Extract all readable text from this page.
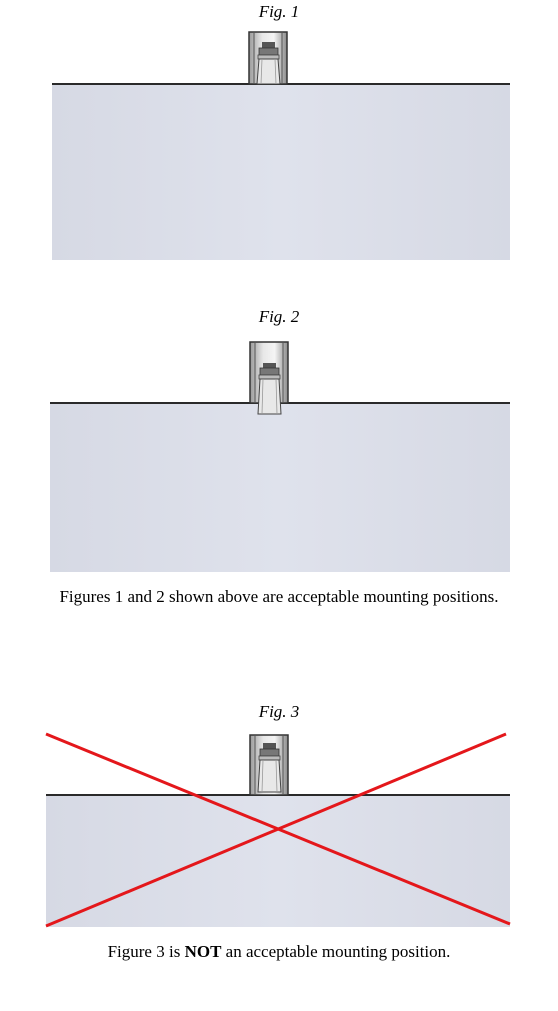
Fig. 1
Fig. 2
Figures 1 and 2 shown above are acceptable mounting positions.
Fig. 3
Figure 3 is NOT an acceptable mounting position.
